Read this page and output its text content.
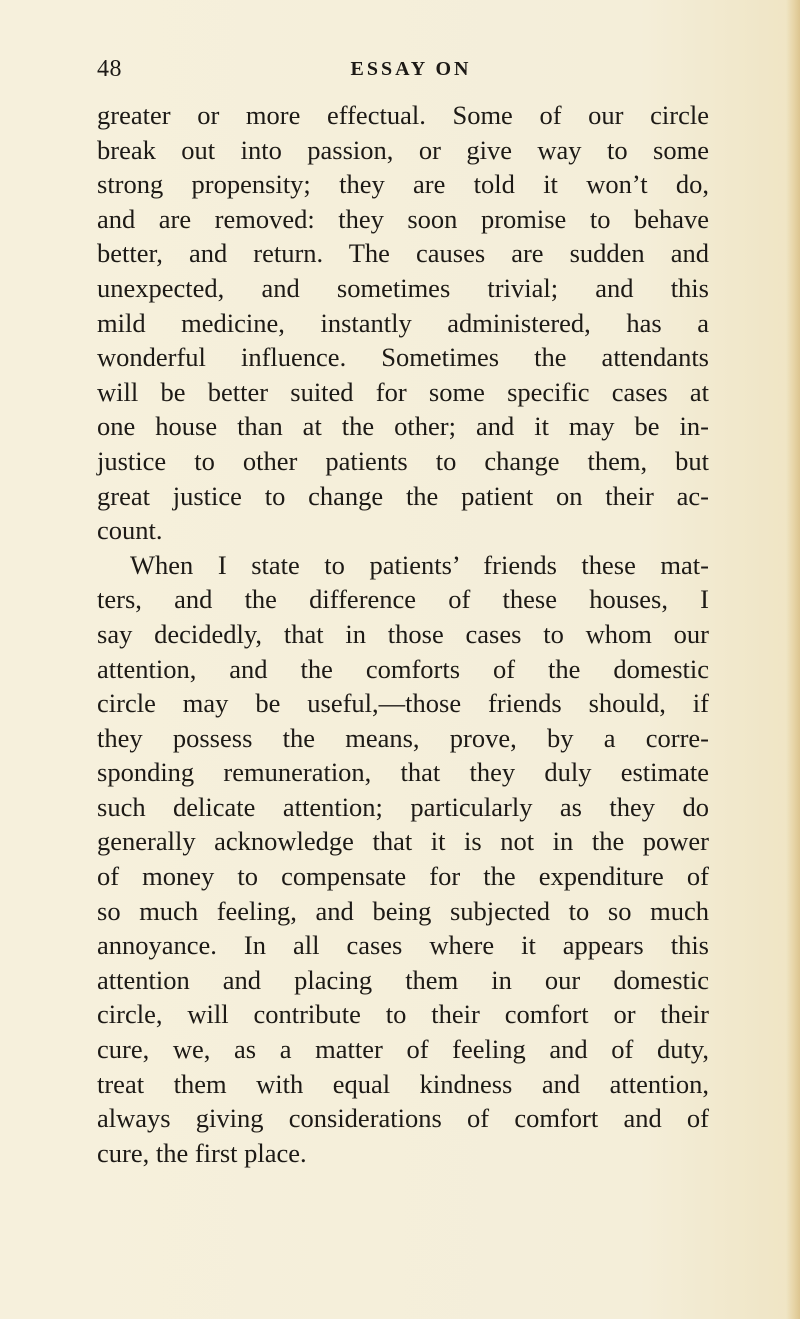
48	ESSAY ON
greater or more effectual. Some of our circle
break out into passion, or give way to some
strong propensity; they are told it won’t do,
and are removed: they soon promise to behave
better, and return. The causes are sudden and
unexpected, and sometimes trivial; and this
mild medicine, instantly administered, has a
wonderful influence. Sometimes the attendants
will be better suited for some specific cases at
one house than at the other; and it may be in-
justice to other patients to change them, but
great justice to change the patient on their ac-
count.
When I state to patients’ friends these mat-
ters, and the difference of these houses, I
say decidedly, that in those cases to whom our
attention, and the comforts of the domestic
circle may be useful,—those friends should, if
they possess the means, prove, by a corre-
sponding remuneration, that they duly estimate
such delicate attention; particularly as they do
generally acknowledge that it is not in the power
of money to compensate for the expenditure of
so much feeling, and being subjected to so much
annoyance. In all cases where it appears this
attention and placing them in our domestic
circle, will contribute to their comfort or their
cure, we, as a matter of feeling and of duty,
treat them with equal kindness and attention,
always giving considerations of comfort and of
cure, the first place.
